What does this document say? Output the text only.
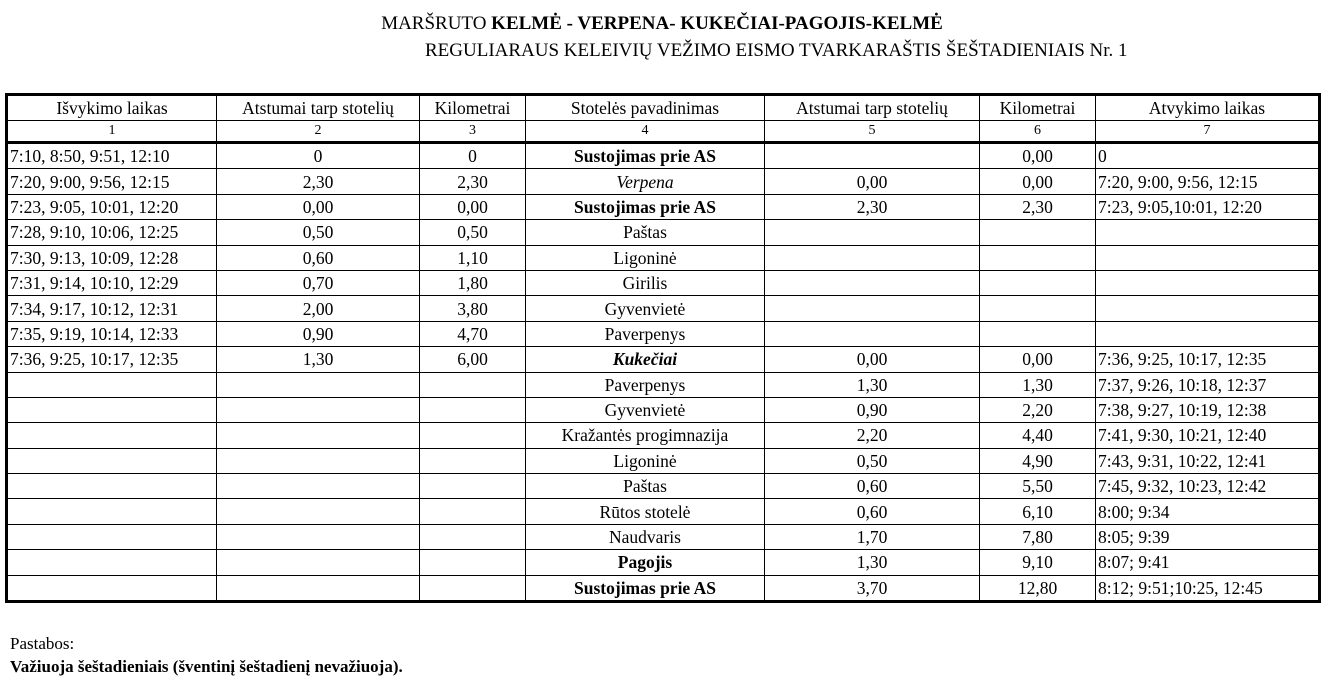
MARŠRUTO KELMĖ - VERPENA- KUKEČIAI-PAGOJIS-KELMĖ
REGULIARAUS KELEIVIŲ VEŽIMO EISMO TVARKARAŠTIS ŠEŠTADIENIAIS Nr. 1
Išvykimo laikas	Atstumai tarp stotelių	Kilometrai	Stotelės pavadinimas	Atstumai tarp stotelių	Kilometrai	Atvykimo laikas
1	2	3	4	5	6	7
7:10, 8:50, 9:51, 12:10	0	0	Sustojimas prie AS		0,00	0
7:20, 9:00, 9:56, 12:15	2,30	2,30	Verpena	0,00	0,00	7:20, 9:00, 9:56, 12:15
7:23, 9:05, 10:01, 12:20	0,00	0,00	Sustojimas prie AS	2,30	2,30	7:23, 9:05,10:01, 12:20
7:28, 9:10, 10:06, 12:25	0,50	0,50	Paštas			
7:30, 9:13, 10:09, 12:28	0,60	1,10	Ligoninė			
7:31, 9:14, 10:10, 12:29	0,70	1,80	Girilis			
7:34, 9:17, 10:12, 12:31	2,00	3,80	Gyvenvietė			
7:35, 9:19, 10:14, 12:33	0,90	4,70	Paverpenys			
7:36, 9:25, 10:17, 12:35	1,30	6,00	Kukečiai	0,00	0,00	7:36, 9:25, 10:17, 12:35
			Paverpenys	1,30	1,30	7:37, 9:26, 10:18, 12:37
			Gyvenvietė	0,90	2,20	7:38, 9:27, 10:19, 12:38
			Kražantės progimnazija	2,20	4,40	7:41, 9:30, 10:21, 12:40
			Ligoninė	0,50	4,90	7:43, 9:31, 10:22, 12:41
			Paštas	0,60	5,50	7:45, 9:32, 10:23, 12:42
			Rūtos stotelė	0,60	6,10	8:00; 9:34
			Naudvaris	1,70	7,80	8:05; 9:39
			Pagojis	1,30	9,10	8:07; 9:41
			Sustojimas prie AS	3,70	12,80	8:12; 9:51;10:25, 12:45
Pastabos:
Važiuoja šeštadieniais (šventinį šeštadienį nevažiuoja).
